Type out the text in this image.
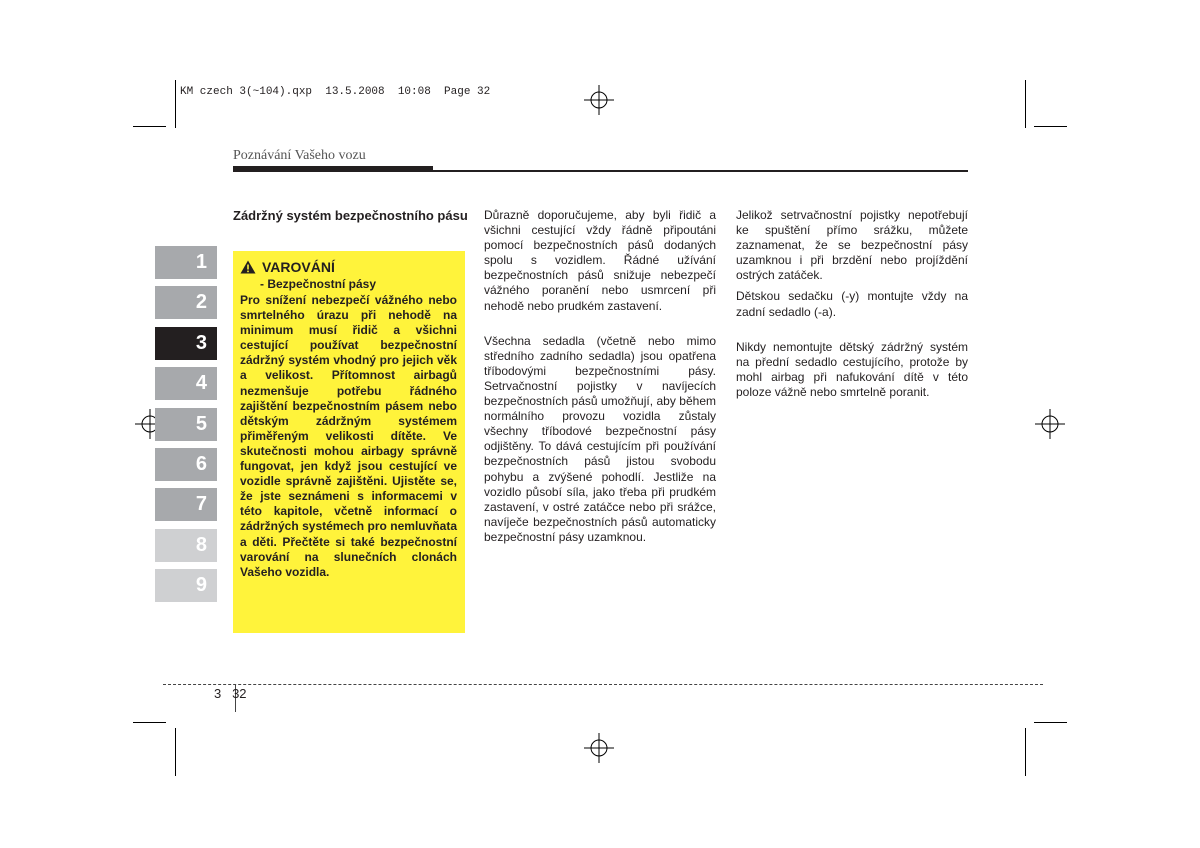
KM czech 3(~104).qxp  13.5.2008  10:08  Page 32
Poznávání Vašeho vozu
1
2
3
4
5
6
7
8
9
Zádržný systém bezpečnostního pásu
VAROVÁNÍ
- Bezpečnostní pásy
Pro snížení nebezpečí vážného nebo smrtelného úrazu při nehodě na minimum musí řidič a všichni cestující používat bezpečnostní zádržný systém vhodný pro jejich věk a velikost. Přítomnost airbagů nezmenšuje potřebu řádného zajištění bezpečnostním pásem nebo dětským zádržným systémem přiměřeným velikosti dítěte. Ve skutečnosti mohou airbagy správně fungovat, jen když jsou cestující ve vozidle správně zajištěni. Ujistěte se, že jste seznámeni s informacemi v této kapitole, včetně informací o zádržných systémech pro nemluvňata a děti. Přečtěte si také bezpečnostní varování na slunečních clonách Vašeho vozidla.

Důrazně doporučujeme, aby byli řidič a všichni cestující vždy řádně připoutáni pomocí bezpečnostních pásů dodaných spolu s vozidlem. Řádné užívání bezpečnostních pásů snižuje nebezpečí vážného poranění nebo usmrcení při nehodě nebo prudkém zastavení.

Všechna sedadla (včetně nebo mimo středního zadního sedadla) jsou opatřena tříbodovými bezpečnostními pásy. Setrvačnostní pojistky v navíjecích bezpečnostních pásů umožňují, aby během normálního provozu vozidla zůstaly všechny tříbodové bezpečnostní pásy odjištěny. To dává cestujícím při používání bezpečnostních pásů jistou svobodu pohybu a zvýšené pohodlí. Jestliže na vozidlo působí síla, jako třeba při prudkém zastavení, v ostré zatáčce nebo při srážce, navíječe bezpečnostních pásů automaticky bezpečnostní pásy uzamknou.

Jelikož setrvačnostní pojistky nepotřebují ke spuštění přímo srážku, můžete zaznamenat, že se bezpečnostní pásy uzamknou i při brzdění nebo projíždění ostrých zatáček.

Dětskou sedačku (-y) montujte vždy na zadní sedadlo (-a).

Nikdy nemontujte dětský zádržný systém na přední sedadlo cestujícího, protože by mohl airbag při nafukování dítě v této poloze vážně nebo smrtelně poranit.

3 32
